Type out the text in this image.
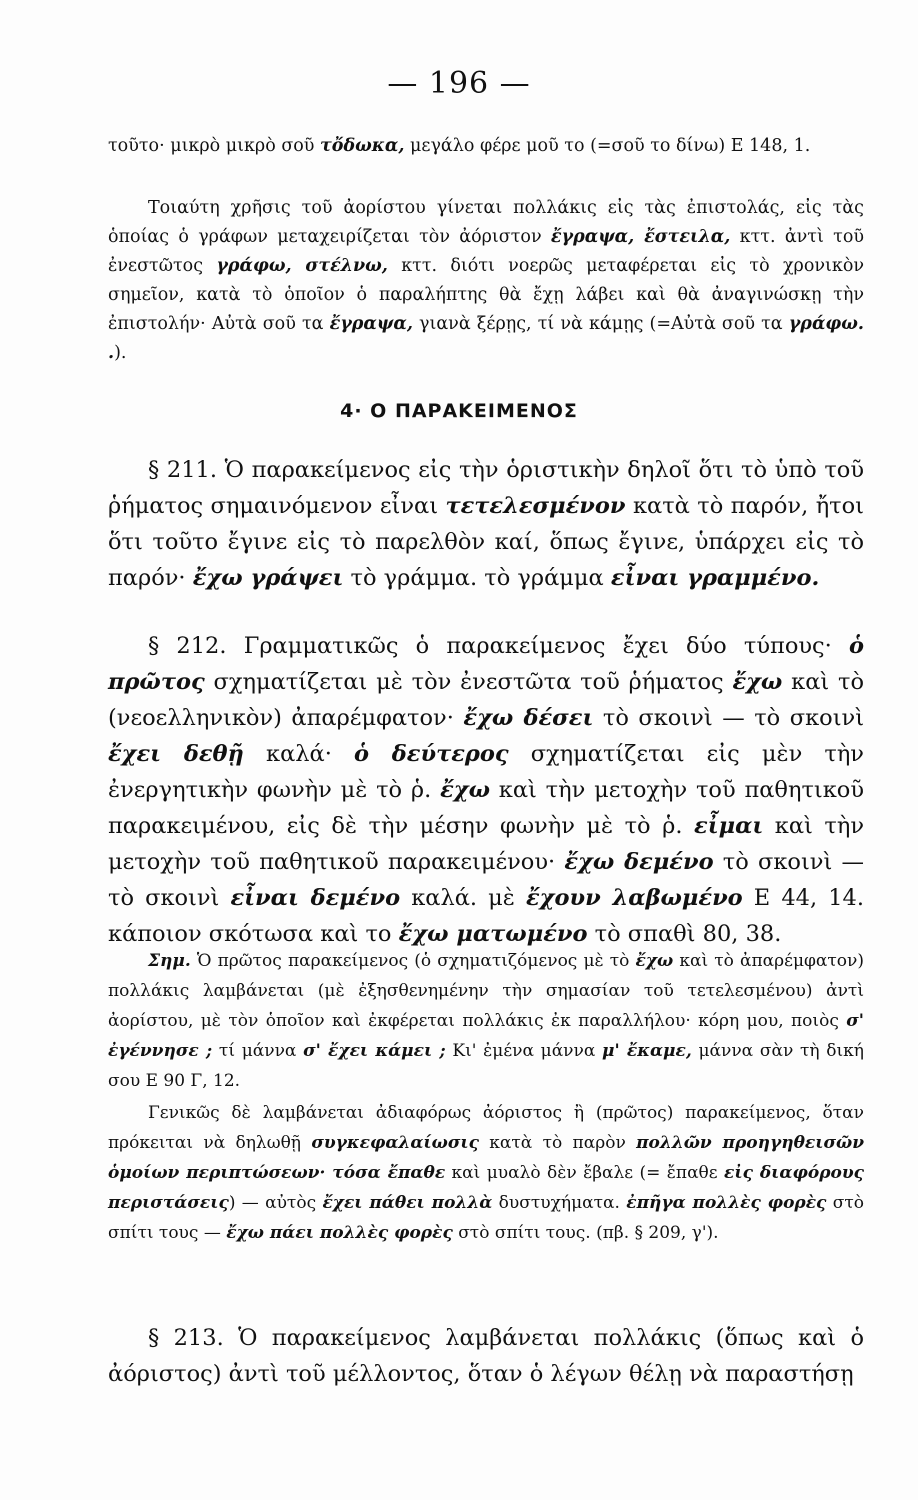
— 196 —
τοῦτο· μικρὸ μικρὸ σοῦ τὄδωκα, μεγάλο φέρε μοῦ το (=σοῦ το δίνω) Ε 148, 1.
Τοιαύτη χρῆσις τοῦ ἀορίστου γίνεται πολλάκις εἰς τὰς ἐπιστολάς, εἰς τὰς ὁποίας ὁ γράφων μεταχειρίζεται τὸν ἀόριστον ἔγραψα, ἔστειλα, κττ. ἀντὶ τοῦ ἐνεστῶτος γράφω, στέλνω, κττ. διότι νοερῶς μεταφέρεται εἰς τὸ χρονικὸν σημεῖον, κατὰ τὸ ὁποῖον ὁ παραλήπτης θὰ ἔχῃ λάβει καὶ θὰ ἀναγινώσκῃ τὴν ἐπιστολήν· Αὐτὰ σοῦ τα ἔγραψα, γιανὰ ξέρῃς, τί νὰ κάμῃς (=Αὐτὰ σοῦ τα γράφω. .).
4· Ο ΠΑΡΑΚΕΙΜΕΝΟΣ
§ 211. Ὁ παρακείμενος εἰς τὴν ὁριστικὴν δηλοῖ ὅτι τὸ ὑπὸ τοῦ ῥήματος σημαινόμενον εἶναι τετελεσμένον κατὰ τὸ παρόν, ἤτοι ὅτι τοῦτο ἔγινε εἰς τὸ παρελθὸν καί, ὅπως ἔγινε, ὑπάρχει εἰς τὸ παρόν· ἔχω γράψει τὸ γράμμα. τὸ γράμμα εἶναι γραμμένο.
§ 212. Γραμματικῶς ὁ παρακείμενος ἔχει δύο τύπους· ὁ πρῶτος σχηματίζεται μὲ τὸν ἐνεστῶτα τοῦ ῥήματος ἔχω καὶ τὸ (νεοελληνικὸν) ἀπαρέμφατον· ἔχω δέσει τὸ σκοινὶ — τὸ σκοινὶ ἔχει δεθῇ καλά· ὁ δεύτερος σχηματίζεται εἰς μὲν τὴν ἐνεργητικὴν φωνὴν μὲ τὸ ῥ. ἔχω καὶ τὴν μετοχὴν τοῦ παθητικοῦ παρακειμένου, εἰς δὲ τὴν μέσην φωνὴν μὲ τὸ ῥ. εἶμαι καὶ τὴν μετοχὴν τοῦ παθητικοῦ παρακειμένου· ἔχω δεμένο τὸ σκοινὶ — τὸ σκοινὶ εἶναι δεμένο καλά. μὲ ἔχουν λαβωμένο Ε 44, 14. κάποιον σκότωσα καὶ το ἔχω ματωμένο τὸ σπαθὶ 80, 38.
Σημ. Ὁ πρῶτος παρακείμενος (ὁ σχηματιζόμενος μὲ τὸ ἔχω καὶ τὸ ἀπαρέμφατον) πολλάκις λαμβάνεται (μὲ ἐξησθενημένην τὴν σημασίαν τοῦ τετελεσμένου) ἀντὶ ἀορίστου, μὲ τὸν ὁποῖον καὶ ἐκφέρεται πολλάκις ἐκ παραλλήλου· κόρη μου, ποιὸς σ' ἐγέννησε ; τί μάννα σ' ἔχει κάμει ; Κι' ἐμένα μάννα μ' ἔκαμε, μάννα σὰν τὴ δική σου Ε 90 Γ, 12.
Γενικῶς δὲ λαμβάνεται ἀδιαφόρως ἀόριστος ἢ (πρῶτος) παρακείμενος, ὅταν πρόκειται νὰ δηλωθῇ συγκεφαλαίωσις κατὰ τὸ παρὸν πολλῶν προηγηθεισῶν ὁμοίων περιπτώσεων· τόσα ἔπαθε καὶ μυαλὸ δὲν ἔβαλε (= ἔπαθε εἰς διαφόρους περιστάσεις) — αὐτὸς ἔχει πάθει πολλὰ δυστυχήματα. ἐπῆγα πολλὲς φορὲς στὸ σπίτι τους — ἔχω πάει πολλὲς φορὲς στὸ σπίτι τους. (πβ. § 209, γ').
§ 213. Ὁ παρακείμενος λαμβάνεται πολλάκις (ὅπως καὶ ὁ ἀόριστος) ἀντὶ τοῦ μέλλοντος, ὅταν ὁ λέγων θέλῃ νὰ παραστήσῃ
